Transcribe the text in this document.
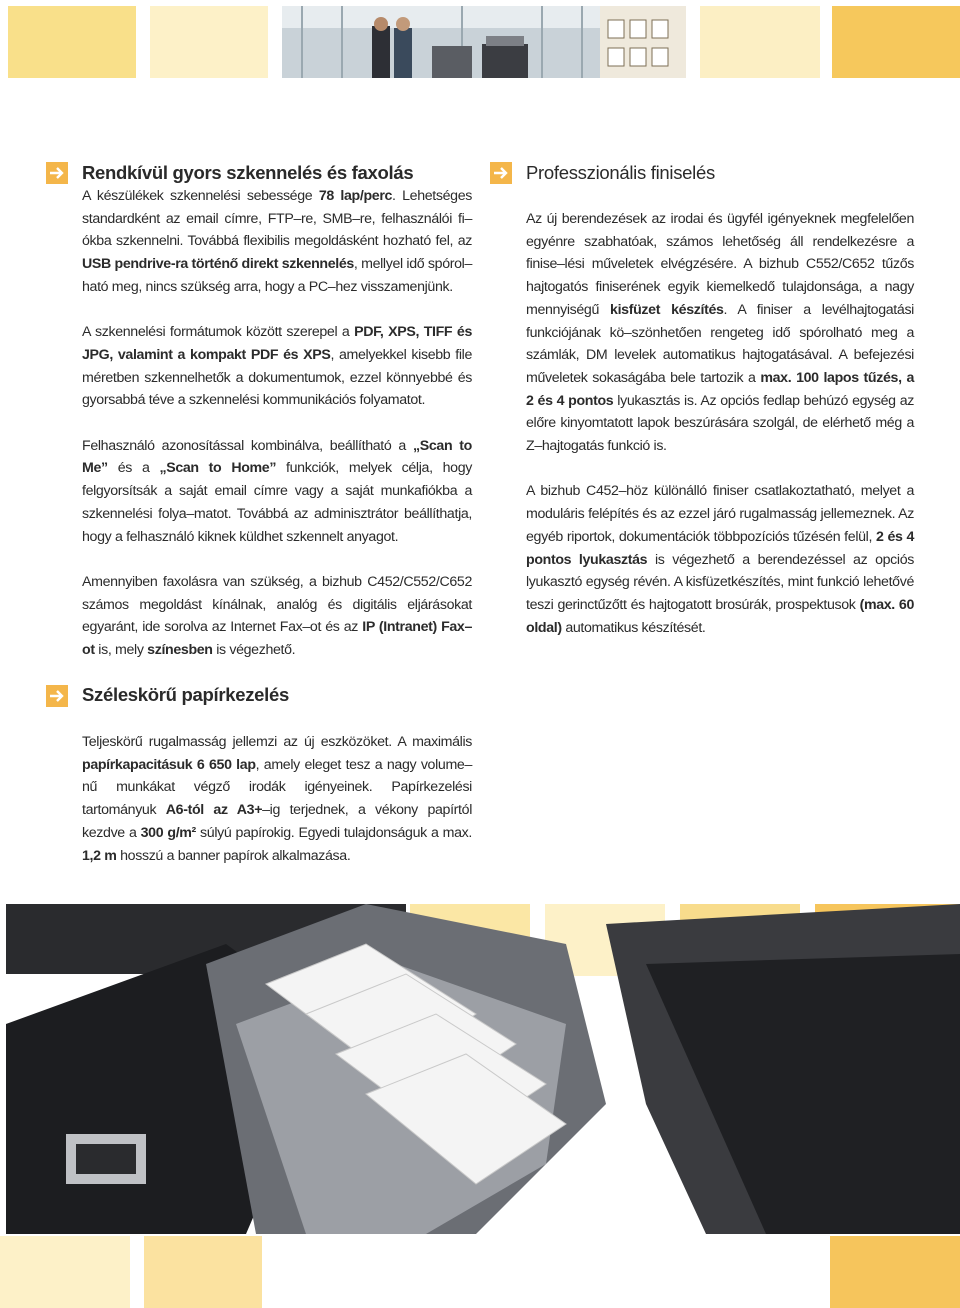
Rendkívül gyors szkennelés és faxolás

A készülékek szkennelési sebessége 78 lap/perc. Lehetséges standardként az email címre, FTP–re, SMB–re, felhasználói fi–ókba szkennelni. Továbbá flexibilis megoldásként hozható fel, az USB pendrive-ra történő direkt szkennelés, mellyel idő spórol–ható meg, nincs szükség arra, hogy a PC–hez visszamenjünk.

A szkennelési formátumok között szerepel a PDF, XPS, TIFF és JPG, valamint a kompakt PDF és XPS, amelyekkel kisebb file méretben szkennelhetők a dokumentumok, ezzel könnyebbé és gyorsabbá téve a szkennelési kommunikációs folyamatot.

Felhasználó azonosítással kombinálva, beállítható a „Scan to Me” és a „Scan to Home” funkciók, melyek célja, hogy felgyorsítsák a saját email címre vagy a saját munkafiókba a szkennelési folya–matot. Továbbá az adminisztrátor beállíthatja, hogy a felhasználó kiknek küldhet szkennelt anyagot.

Amennyiben faxolásra van szükség, a bizhub C452/C552/C652 számos megoldást kínálnak, analóg és digitális eljárásokat egyaránt, ide sorolva az Internet Fax–ot és az IP (Intranet) Fax–ot is, mely színesben is végezhető.

Széleskörű papírkezelés

Teljeskörű rugalmasság jellemzi az új eszközöket. A maximális papírkapacitásuk 6 650 lap, amely eleget tesz a nagy volume–nű munkákat végző irodák igényeinek. Papírkezelési tartományuk A6-tól az A3+–ig terjednek, a vékony papírtól kezdve a 300 g/m² súlyú papírokig. Egyedi tulajdonságuk a max. 1,2 m hosszú a banner papírok alkalmazása.

Professzionális finiselés

Az új berendezések az irodai és ügyfél igényeknek megfelelően egyénre szabhatóak, számos lehetőség áll rendelkezésre a finise–lési műveletek elvégzésére. A bizhub C552/C652 tűzős hajtogatós finiserének egyik kiemelkedő tulajdonsága, a nagy mennyiségű kisfüzet készítés. A finiser a levélhajtogatási funkciójának kö–szönhetően rengeteg idő spórolható meg a számlák, DM levelek automatikus hajtogatásával. A befejezési műveletek sokaságába bele tartozik a max. 100 lapos tűzés, a 2 és 4 pontos lyukasztás is. Az opciós fedlap behúzó egység az előre kinyomtatott lapok beszúrására szolgál, de elérhető még a Z–hajtogatás funkció is.

A bizhub C452–höz különálló finiser csatlakoztatható, melyet a moduláris felépítés és az ezzel járó rugalmasság jellemeznek. Az egyéb riportok, dokumentációk többpozíciós tűzésén felül, 2 és 4 pontos lyukasztás is végezhető a berendezéssel az opciós lyukasztó egység révén. A kisfüzetkészítés, mint funkció lehetővé teszi gerinctűzőtt és hajtogatott brosúrák, prospektusok (max. 60 oldal) automatikus készítését.
